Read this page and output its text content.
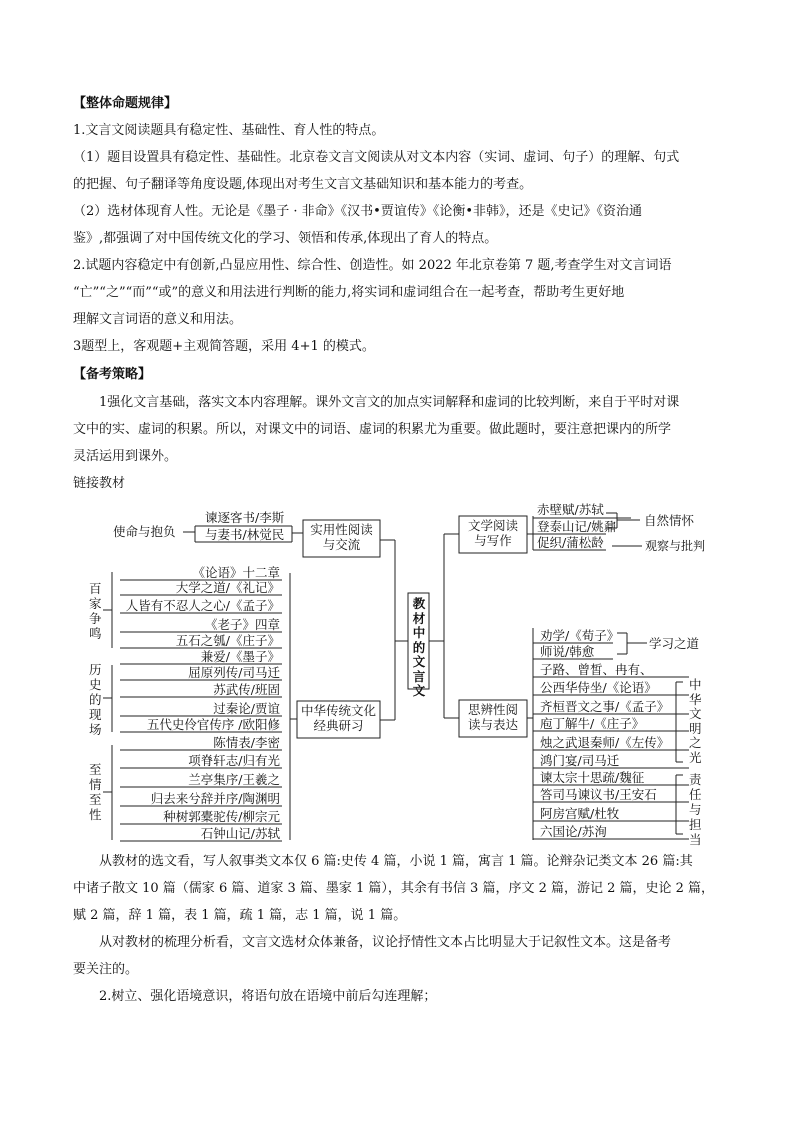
【整体命题规律】

1.文言文阅读题具有稳定性、基础性、育人性的特点。

（1）题目设置具有稳定性、基础性。北京卷文言文阅读从对文本内容（实词、虚词、句子）的理解、句式

的把握、句子翻译等角度设题,体现出对考生文言文基础知识和基本能力的考查。

（2）选材体现育人性。无论是《墨子 · 非命》《汉书•贾谊传》《论衡•非韩》，还是《史记》《资治通

鉴》,都强调了对中国传统文化的学习、领悟和传承,体现出了育人的特点。

2.试题内容稳定中有创新,凸显应用性、综合性、创造性。如 2022 年北京卷第 7 题,考查学生对文言词语

“亡”“之”“而”“或”的意义和用法进行判断的能力,将实词和虚词组合在一起考查，帮助考生更好地

理解文言词语的意义和用法。

3题型上，客观题+主观简答题，采用 4+1 的模式。

【备考策略】

1强化文言基础，落实文本内容理解。课外文言文的加点实词解释和虚词的比较判断，来自于平时对课

文中的实、虚词的积累。所以，对课文中的词语、虚词的积累尤为重要。做此题时，要注意把课内的所学

灵活运用到课外。

链接教材

教材中的文言文
实用性阅读
与交流
中华传统文化
经典研习
文学阅读
与写作
思辨性阅
读与表达
使命与抱负
谏逐客书/李斯
与妻书/林觉民
百家争鸣
历史的现场
至情至性
《论语》十二章
大学之道/《礼记》
人皆有不忍人之心/《孟子》
《老子》四章
五石之瓠/《庄子》
兼爱/《墨子》
屈原列传/司马迁
苏武传/班固
过秦论/贾谊
五代史伶官传序 /欧阳修
陈情表/李密
项脊轩志/归有光
兰亭集序/王羲之
归去来兮辞并序/陶渊明
种树郭橐驼传/柳宗元
石钟山记/苏轼
赤壁赋/苏轼
登泰山记/姚鼐
促织/蒲松龄
自然情怀
观察与批判
劝学/《荀子》
师说/韩愈
子路、曾皙、冉有、
公西华侍坐/《论语》
齐桓晋文之事/《孟子》
庖丁解牛/《庄子》
烛之武退秦师/《左传》
鸿门宴/司马迁
谏太宗十思疏/魏征
答司马谏议书/王安石
阿房宫赋/杜牧
六国论/苏洵
学习之道
中华文明之光
责任与担当

从教材的选文看，写人叙事类文本仅 6 篇:史传 4 篇，小说 1 篇，寓言 1 篇。论辩杂记类文本 26 篇:其

中诸子散文 10 篇（儒家 6 篇、道家 3 篇、墨家 1 篇），其余有书信 3 篇，序文 2 篇，游记 2 篇，史论 2 篇，

赋 2 篇，辞 1 篇，表 1 篇，疏 1 篇，志 1 篇，说 1 篇。

从对教材的梳理分析看，文言文选材众体兼备，议论抒情性文本占比明显大于记叙性文本。这是备考

要关注的。

2.树立、强化语境意识，将语句放在语境中前后勾连理解；
